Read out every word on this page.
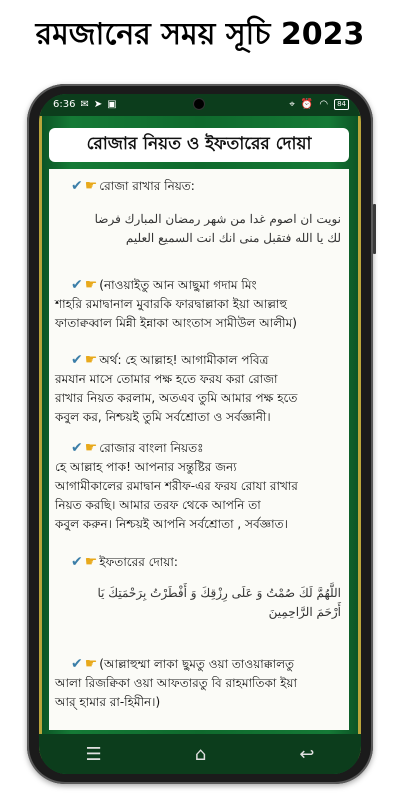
রমজানের সময় সূচি 2023
6:36 ✉ ➤ ▣	⌖ ⏰ ◠	84
রোজার নিয়ত ও ইফতারের দোয়া
✔ ☛ রোজা রাখার নিয়ত:
نويت ان اصوم غدا من شهر رمضان المبارك فرضا
لك يا الله فتقبل منى انك انت السميع العليم
✔ ☛ (নাওয়াইতু আন আছুমা গদাম মিং
শাহরি রমাদ্বানাল মুবারকি ফারদ্বাল্লাকা ইয়া আল্লাহু
ফাতাক্বব্বাল মিন্নী ইন্নাকা আংতাস সামীউল আলীম)
✔ ☛ অর্থ: হে আল্লাহ! আগামীকাল পবিত্র
রমযান মাসে তোমার পক্ষ হতে ফরয করা রোজা
রাখার নিয়ত করলাম, অতএব তুমি আমার পক্ষ হতে
কবুল কর, নিশ্চয়ই তুমি সর্বশ্রোতা ও সর্বজ্ঞানী।
✔ ☛ রোজার বাংলা নিয়তঃ
হে আল্লাহ পাক! আপনার সন্তুষ্টির জন্য
আগামীকালের রমাদ্বান শরীফ-এর ফরয রোযা রাখার
নিয়ত করছি। আমার তরফ থেকে আপনি তা
কবুল করুন। নিশ্চয়ই আপনি সর্বশ্রোতা , সর্বজ্ঞাত।
✔ ☛ ইফতারের দোয়া:
اللَّهُمَّ لَكَ صُمْتُ وَ عَلَى رِزْقِكَ وَ أَفْطَرْتُ بِرَحْمَتِكَ يَا
أَرْحَمَ الرَّاحِمِينَ
✔ ☛ (আল্লাহুম্মা লাকা ছুমতু ওয়া তাওয়াক্কালতু
আলা রিজক্বিকা ওয়া আফতারতু বি রাহমাতিকা ইয়া
আর্ হামার রা-হিমীন।)
☰	⌂	↩
